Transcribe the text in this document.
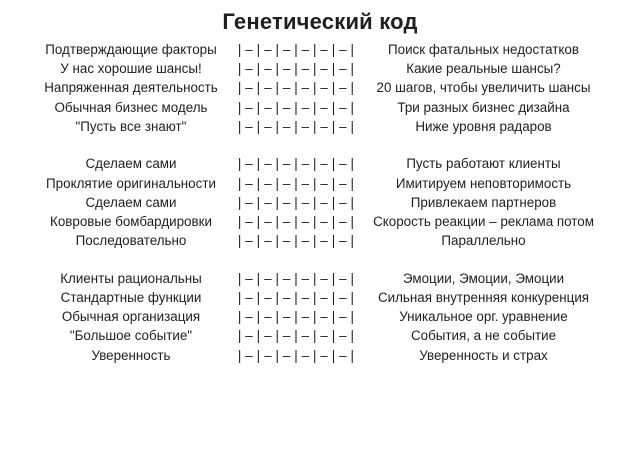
Генетический код
Подтверждающие факторы	| – | – | – | – | – | – |	Поиск фатальных недостатков
У нас хорошие шансы!	| – | – | – | – | – | – |	Какие реальные шансы?
Напряженная деятельность	| – | – | – | – | – | – |	20 шагов, чтобы увеличить шансы
Обычная бизнес модель	| – | – | – | – | – | – |	Три разных бизнес дизайна
"Пусть все знают"	| – | – | – | – | – | – |	Ниже уровня радаров
Сделаем сами	| – | – | – | – | – | – |	Пусть работают клиенты
Проклятие оригинальности	| – | – | – | – | – | – |	Имитируем неповторимость
Сделаем сами	| – | – | – | – | – | – |	Привлекаем партнеров
Ковровые бомбардировки	| – | – | – | – | – | – |	Скорость реакции – реклама потом
Последовательно	| – | – | – | – | – | – |	Параллельно
Клиенты рациональны	| – | – | – | – | – | – |	Эмоции, Эмоции, Эмоции
Стандартные функции	| – | – | – | – | – | – |	Сильная внутренняя конкуренция
Обычная организация	| – | – | – | – | – | – |	Уникальное орг. уравнение
"Большое событие"	| – | – | – | – | – | – |	События, а не событие
Уверенность	| – | – | – | – | – | – |	Уверенность и страх
